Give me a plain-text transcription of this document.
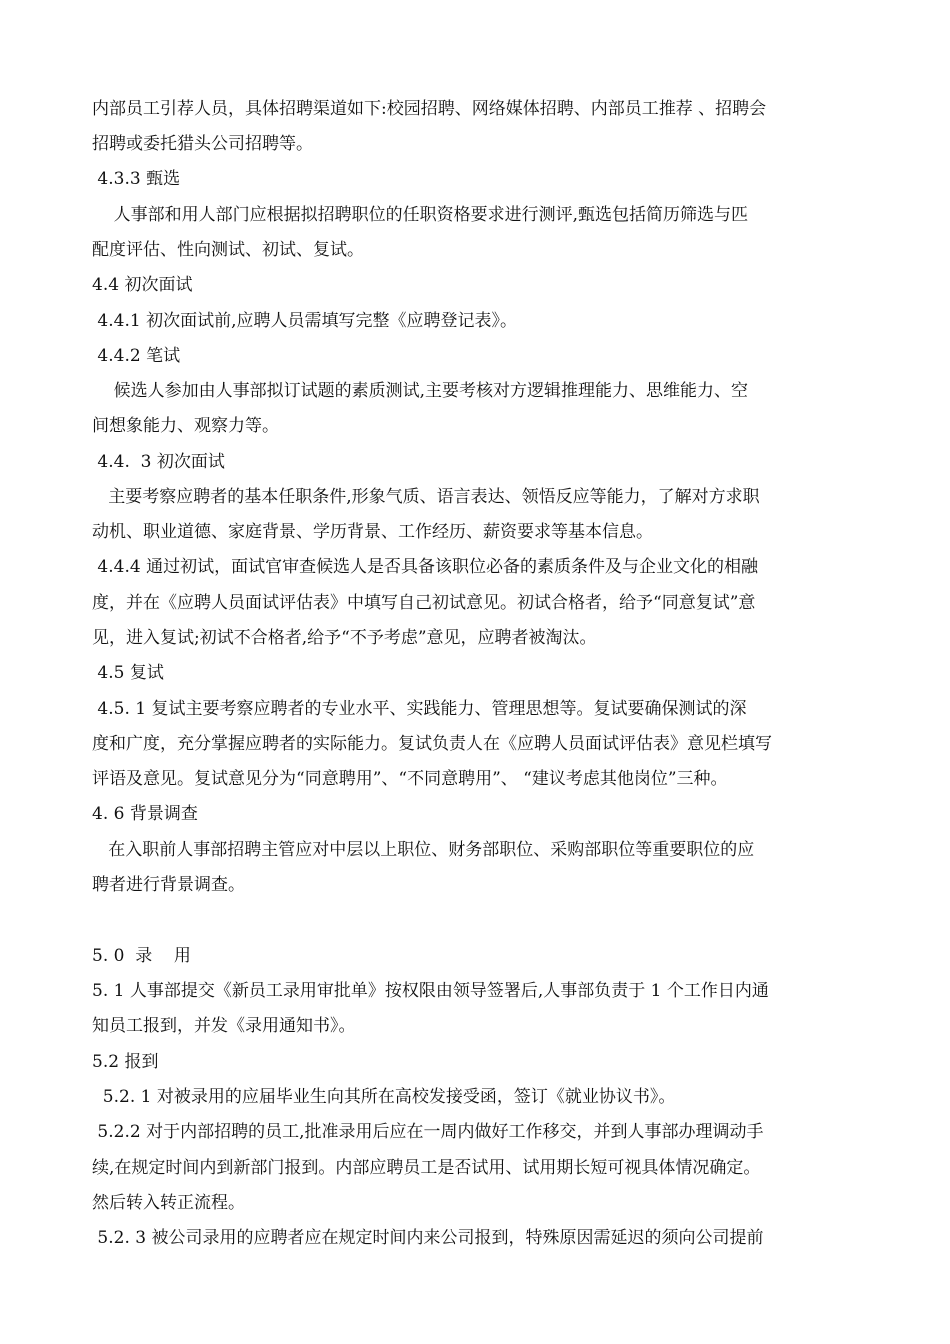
内部员工引荐人员，具体招聘渠道如下:校园招聘、网络媒体招聘、内部员工推荐 、招聘会
招聘或委托猎头公司招聘等。
4.3.3 甄选
人事部和用人部门应根据拟招聘职位的任职资格要求进行测评,甄选包括简历筛选与匹
配度评估、性向测试、初试、复试。
4.4 初次面试
4.4.1 初次面试前,应聘人员需填写完整《应聘登记表》。
4.4.2 笔试
候选人参加由人事部拟订试题的素质测试,主要考核对方逻辑推理能力、思维能力、空
间想象能力、观察力等。
4.4.  3 初次面试
主要考察应聘者的基本任职条件,形象气质、语言表达、领悟反应等能力，了解对方求职
动机、职业道德、家庭背景、学历背景、工作经历、薪资要求等基本信息。
4.4.4 通过初试，面试官审查候选人是否具备该职位必备的素质条件及与企业文化的相融
度，并在《应聘人员面试评估表》中填写自己初试意见。初试合格者，给予“同意复试”意
见，进入复试;初试不合格者,给予“不予考虑”意见，应聘者被淘汰。
4.5 复试
4.5. 1 复试主要考察应聘者的专业水平、实践能力、管理思想等。复试要确保测试的深
度和广度，充分掌握应聘者的实际能力。复试负责人在《应聘人员面试评估表》意见栏填写
评语及意见。复试意见分为“同意聘用”、“不同意聘用”、 “建议考虑其他岗位”三种。
4. 6 背景调查
在入职前人事部招聘主管应对中层以上职位、财务部职位、采购部职位等重要职位的应
聘者进行背景调查。
5. 0  录    用
5. 1 人事部提交《新员工录用审批单》按权限由领导签署后,人事部负责于 1 个工作日内通
知员工报到，并发《录用通知书》。
5.2 报到
5.2. 1 对被录用的应届毕业生向其所在高校发接受函，签订《就业协议书》。
5.2.2 对于内部招聘的员工,批准录用后应在一周内做好工作移交，并到人事部办理调动手
续,在规定时间内到新部门报到。内部应聘员工是否试用、试用期长短可视具体情况确定。
然后转入转正流程。
5.2. 3 被公司录用的应聘者应在规定时间内来公司报到，特殊原因需延迟的须向公司提前
